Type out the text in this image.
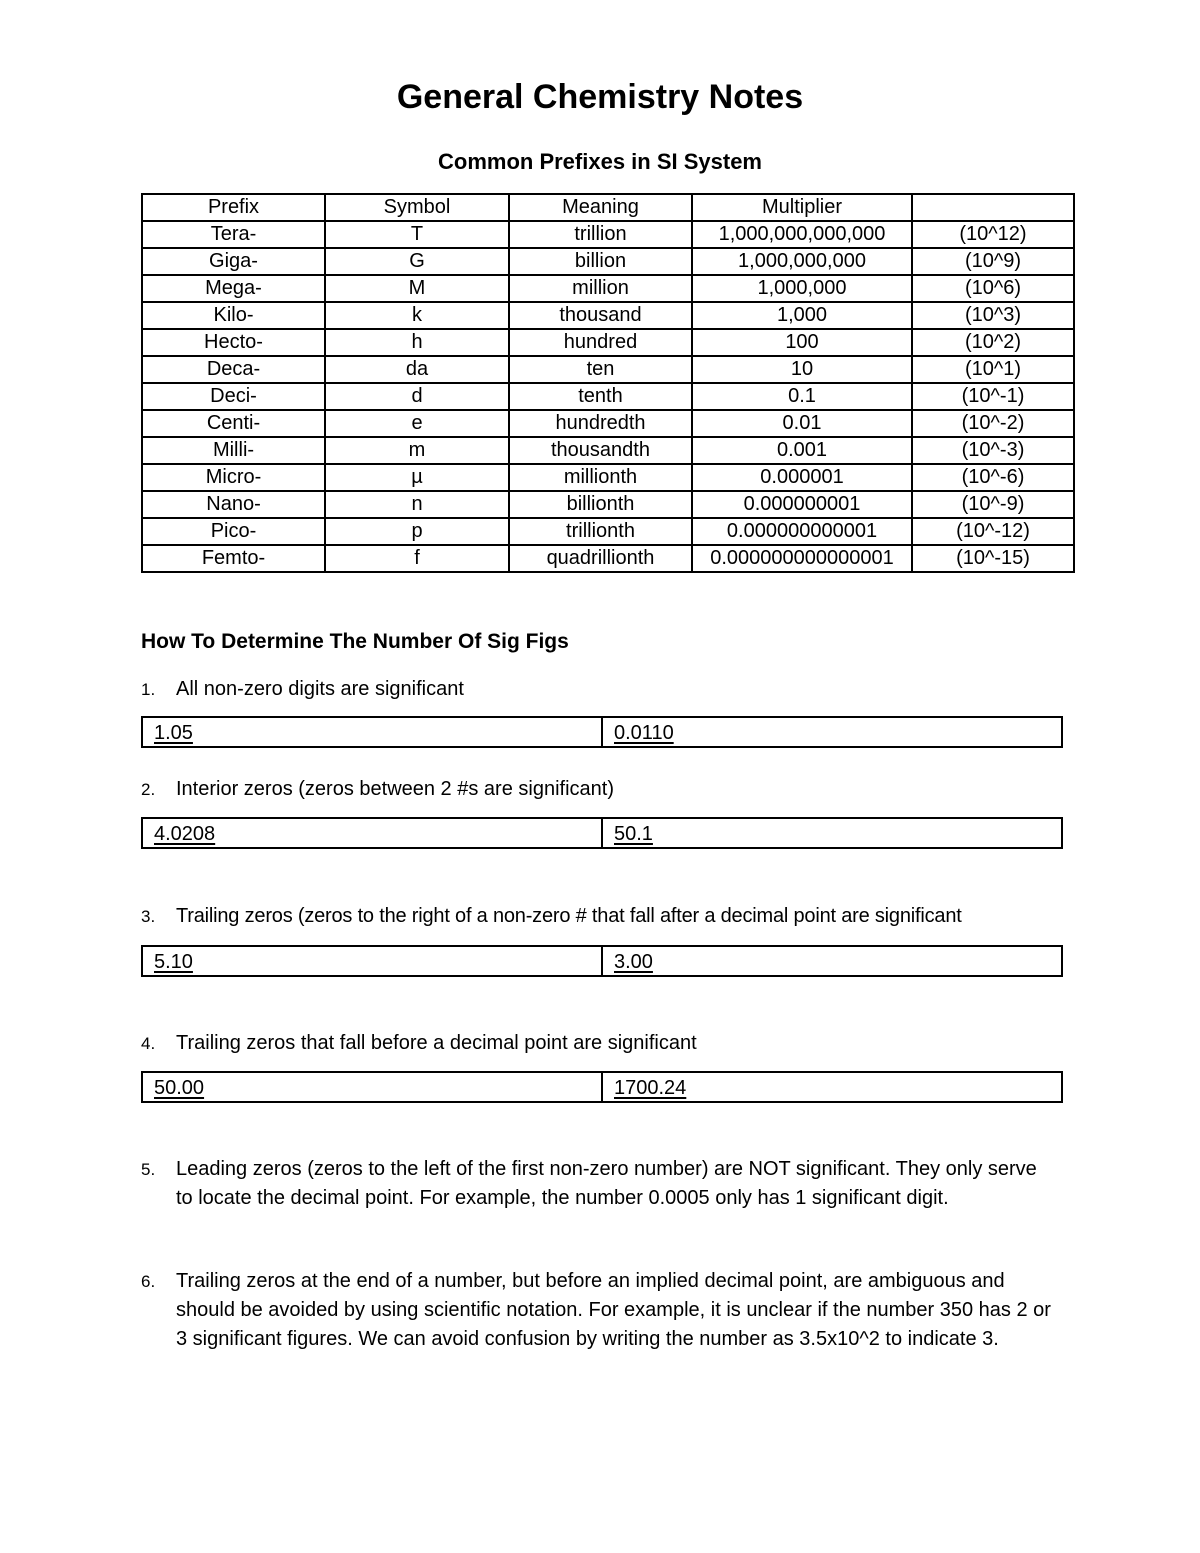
General Chemistry Notes
Common Prefixes in SI System
Prefix	Symbol	Meaning	Multiplier	
Tera-	T	trillion	1,000,000,000,000	(10^12)
Giga-	G	billion	1,000,000,000	(10^9)
Mega-	M	million	1,000,000	(10^6)
Kilo-	k	thousand	1,000	(10^3)
Hecto-	h	hundred	100	(10^2)
Deca-	da	ten	10	(10^1)
Deci-	d	tenth	0.1	(10^-1)
Centi-	e	hundredth	0.01	(10^-2)
Milli-	m	thousandth	0.001	(10^-3)
Micro-	µ	millionth	0.000001	(10^-6)
Nano-	n	billionth	0.000000001	(10^-9)
Pico-	p	trillionth	0.000000000001	(10^-12)
Femto-	f	quadrillionth	0.000000000000001	(10^-15)
How To Determine The Number Of Sig Figs
1.	All non-zero digits are significant
1.05	0.0110
2.	Interior zeros (zeros between 2 #s are significant)
4.0208	50.1
3.	Trailing zeros (zeros to the right of a non-zero # that fall after a decimal point are significant
5.10	3.00
4.	Trailing zeros that fall before a decimal point are significant
50.00	1700.24
5.	Leading zeros (zeros to the left of the first non-zero number) are NOT significant. They only serve to locate the decimal point. For example, the number 0.0005 only has 1 significant digit.
6.	Trailing zeros at the end of a number, but before an implied decimal point, are ambiguous and should be avoided by using scientific notation. For example, it is unclear if the number 350 has 2 or 3 significant figures. We can avoid confusion by writing the number as 3.5x10^2 to indicate 3.
